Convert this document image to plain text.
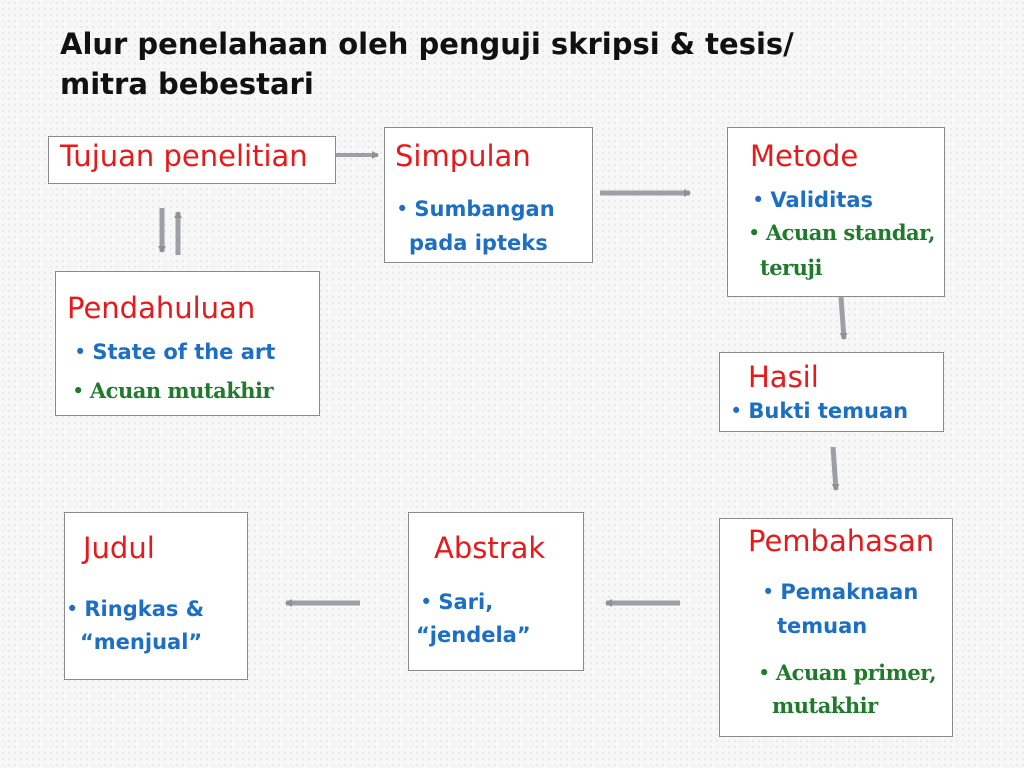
Alur penelahaan oleh penguji skripsi & tesis/
mitra bebestari
Tujuan penelitian	Simpulan
• Sumbangan
pada ipteks
Metode
• Validitas
• Acuan standar,
teruji
Pendahuluan
• State of the art
• Acuan mutakhir	Hasil
• Bukti temuan
Judul
• Ringkas &
“menjual”
Abstrak
• Sari,
“jendela”
Pembahasan
• Pemaknaan
temuan
• Acuan primer,
mutakhir
